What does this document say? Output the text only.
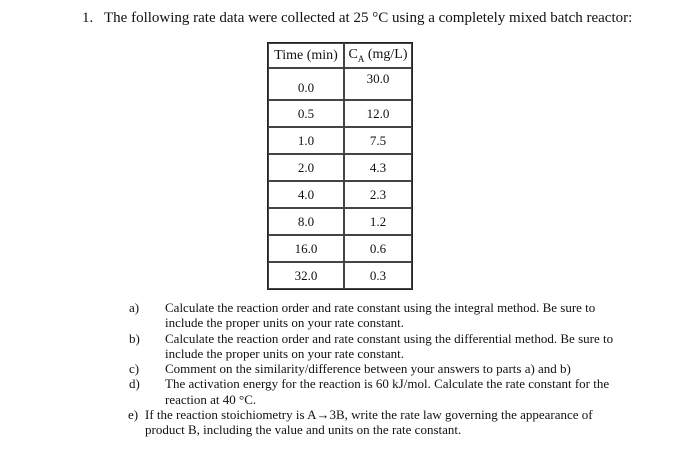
1. The following rate data were collected at 25 °C using a completely mixed batch reactor:
Time (min)	$C_A$ (mg/L)
0.0	30.0
0.5	12.0
1.0	7.5
2.0	4.3
4.0	2.3
8.0	1.2
16.0	0.6
32.0	0.3
a) Calculate the reaction order and rate constant using the integral method. Be sure to include the proper units on your rate constant.
b) Calculate the reaction order and rate constant using the differential method. Be sure to include the proper units on your rate constant.
c) Comment on the similarity/difference between your answers to parts a) and b)
d) The activation energy for the reaction is 60 kJ/mol. Calculate the rate constant for the reaction at 40 °C.
e) If the reaction stoichiometry is A→3B, write the rate law governing the appearance of product B, including the value and units on the rate constant.
